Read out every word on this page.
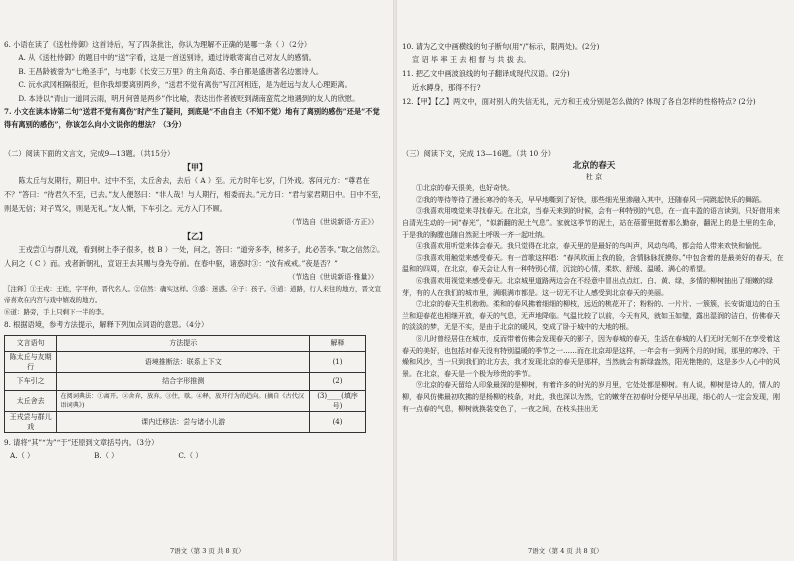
6. 小语在读了《送杜侍御》这首诗后，写了四条批注，你认为理解不正确的是哪一条（ ）（2分）

A. 从《送杜侍御》的题目中的“送”字看，这是一首送别诗，通过诗歌寄寓自己对友人的感情。

B. 王昌龄被誉为“七绝圣手”，与电影《长安三万里》的主角高适、李白都是盛唐著名边塞诗人。

C. 沅水武冈相隔很近，但你我却要离别两乡，“送君不觉有离伤”写江河相连，是为赶远与友人心理距离。

D. 本诗以“青山一道同云雨，明月何曾是两乡”作比喻，表达出作者被贬到湖南蛮荒之地遇到的友人的欣慰。

7. 小文在读本诗第二句“送君不觉有离伤”时产生了疑问，到底是“不由自主（不知不觉）地有了离别的感伤”还是“不觉得有离别的感伤”，你该怎么向小文说你的想法？（3分）

（二）阅读下面的文言文，完成9—13题。（共15分）

【甲】

陈太丘与友期行，期日中。过中不至，太丘舍去，去后（ A ）至。元方时年七岁，门外戏。客问元方：“尊君在不？”答曰：“待君久不至，已去。”友人便怒曰：“非人哉！与人期行，相委而去。”元方曰：“君与家君期日中。日中不至，则是无信；对子骂父，则是无礼。”友人惭，下车引之。元方入门不顾。

（节选自《世说新语·方正》）

【乙】

王戎尝①与群儿戏，看到树上李子很多，枝 B ）一处，问之，答曰：“道旁多李，树多子，此必苦李。”取之信然②。人问之（ C ）而。戎者新朝礼，宣诏王去其赐与身先夺前。在春中驱，诸惑时③：“汝有戒戒。”夜是否？”

（节选自《世说新语·雅量》）

〖注释〗①王戎：王姓，字平仲，晋代名人。②信然：确实这样。③惑：迷惑。④子：孩子。⑤道：道路，行人来往的地方，晋文宣帝喜欢在内宫与戏中嬉戏的地方。

⑥道：路旁，手上只剩下一半的李。

8. 根据语境，参考方法提示，解释下列加点词语的意思。（4分）

文言语句	方法提示	解释
陈太丘与友期行	语境推断法：联系上下文	(1)
下车引之	结合字形推测	(2)
太丘舍去	在阅词典法：①离开。②舍弃，放弃。③住，歇。④释，放开行为的趋向。(摘自《古代汉语词典》)	(3)____(填序号)
王戎尝与群儿戏	课内迁移法：尝与诸小儿游	(4)

9. 请将“其”“为”“于”还原到文章括号内。（3分）

A.（ ）	B.（ ）	C.（ ）

7语文（第 3 页 共 8 页）

10. 请为乙文中画横线的句子断句(用“/”标示，限两处)。(2分)

宣 诏 毕 率 王 去 相 督 与 共 拔 去。

11. 把乙文中画波浪线的句子翻译成现代汉语。(2分)

近水蹲身，那得不行?

12.【甲】【乙】两文中，面对别人的失信无礼，元方和王戎分别是怎么做的? 体现了各自怎样的性格特点? (2分)

（三）阅读下文，完成 13—16题。（共 10 分）

北京的春天

杜 京

①北京的春天很美，也好奇快。

②我的等待等待了漫长寒冷的冬天，早早地嘶到了好快，那些细光里渗融入其中，还随春风一同跳起快乐的舞蹈。

③我喜欢用嗅觉来寻找春天。在北京，当春天来到的时候，会有一种特别的气息，在一直丰盈的语言读到，只好借用来自清光生动的一词“春光”，“似新翻的泥土气息”。家就这季节的泥土，站在蓓蕾里挺着那么勤奋，翻泥上的是土里的生命，于是我的胸膛也随自然泥土呼吸一齐一起吐纳。

④我喜欢用听觉来体会春天。我只觉得在北京，春天里的是最好的鸟叫声，风动鸟鸣，都会给人带来欢快和愉悦。

⑤我喜欢用触觉来感受春天。有一首歌这样唱：“春风吹面上我的脸，含情脉脉抚摸你。”中包含着的是最美好的春天，在温和的四周，在北京，春天会让人有一种特别心情，沉淀的心情，柔软、舒缓、温暖、满心的希望。

⑥我喜欢用视觉来感受春天。北京城里道路两边会在不经意中冒出点点红、白、黄、绿，多情的柳树抽出了细嫩的绿芽，有的人在我们的城市里，满眼满市都是。这一切无不让人感受到北京春天的美丽。

⑦北京的春天生机勃勃。柔和的春风拂着细细的柳枝，远近的桃花开了；粉粉的、一片片、一簇簇，长安街道边的白玉兰和迎春花也相继开放，春天的气息，无声地降临。气温比较了以前，今天有风，就如玉如璧，露出湿润的洁白，仿佛春天的淡淡的梦，无是不实，是由于北京的暖风，变成了卧于城中的大地的根。

⑧儿时曾经居住在城市，反而带着仿佛会发现春天的影子，因为春城的春天，生活在春城的人们无时无刻不在享受着这春天的美好，也包括对春天没有特别温暖的季节之一……而在北京却是这样，一年会有一到两个月的时间，那里的寒冷、干燥和风沙，当一只到我们的北方去，我才发现北京的春天是那样，当然就会有新绿盎然，阳光艳艳的，这是多少人心中的风景。在北京，春天是一个极为珍贵的季节。

⑨北京的春天留给人印象最深的是柳树，有着许多的时光的岁月里，它处处都是柳树。有人说，柳树是诗人的，情人的柳，春风仿佛最初吹拂的是杨柳的枝条，对此，我也深以为然，它的嫩芽在初春时分便早早出现，细心的人一定会发现，刚有一点春的气息，柳树就换装变色了，一夜之间，在枝头挂出无

7语文（第 4 页 共 8 页）
